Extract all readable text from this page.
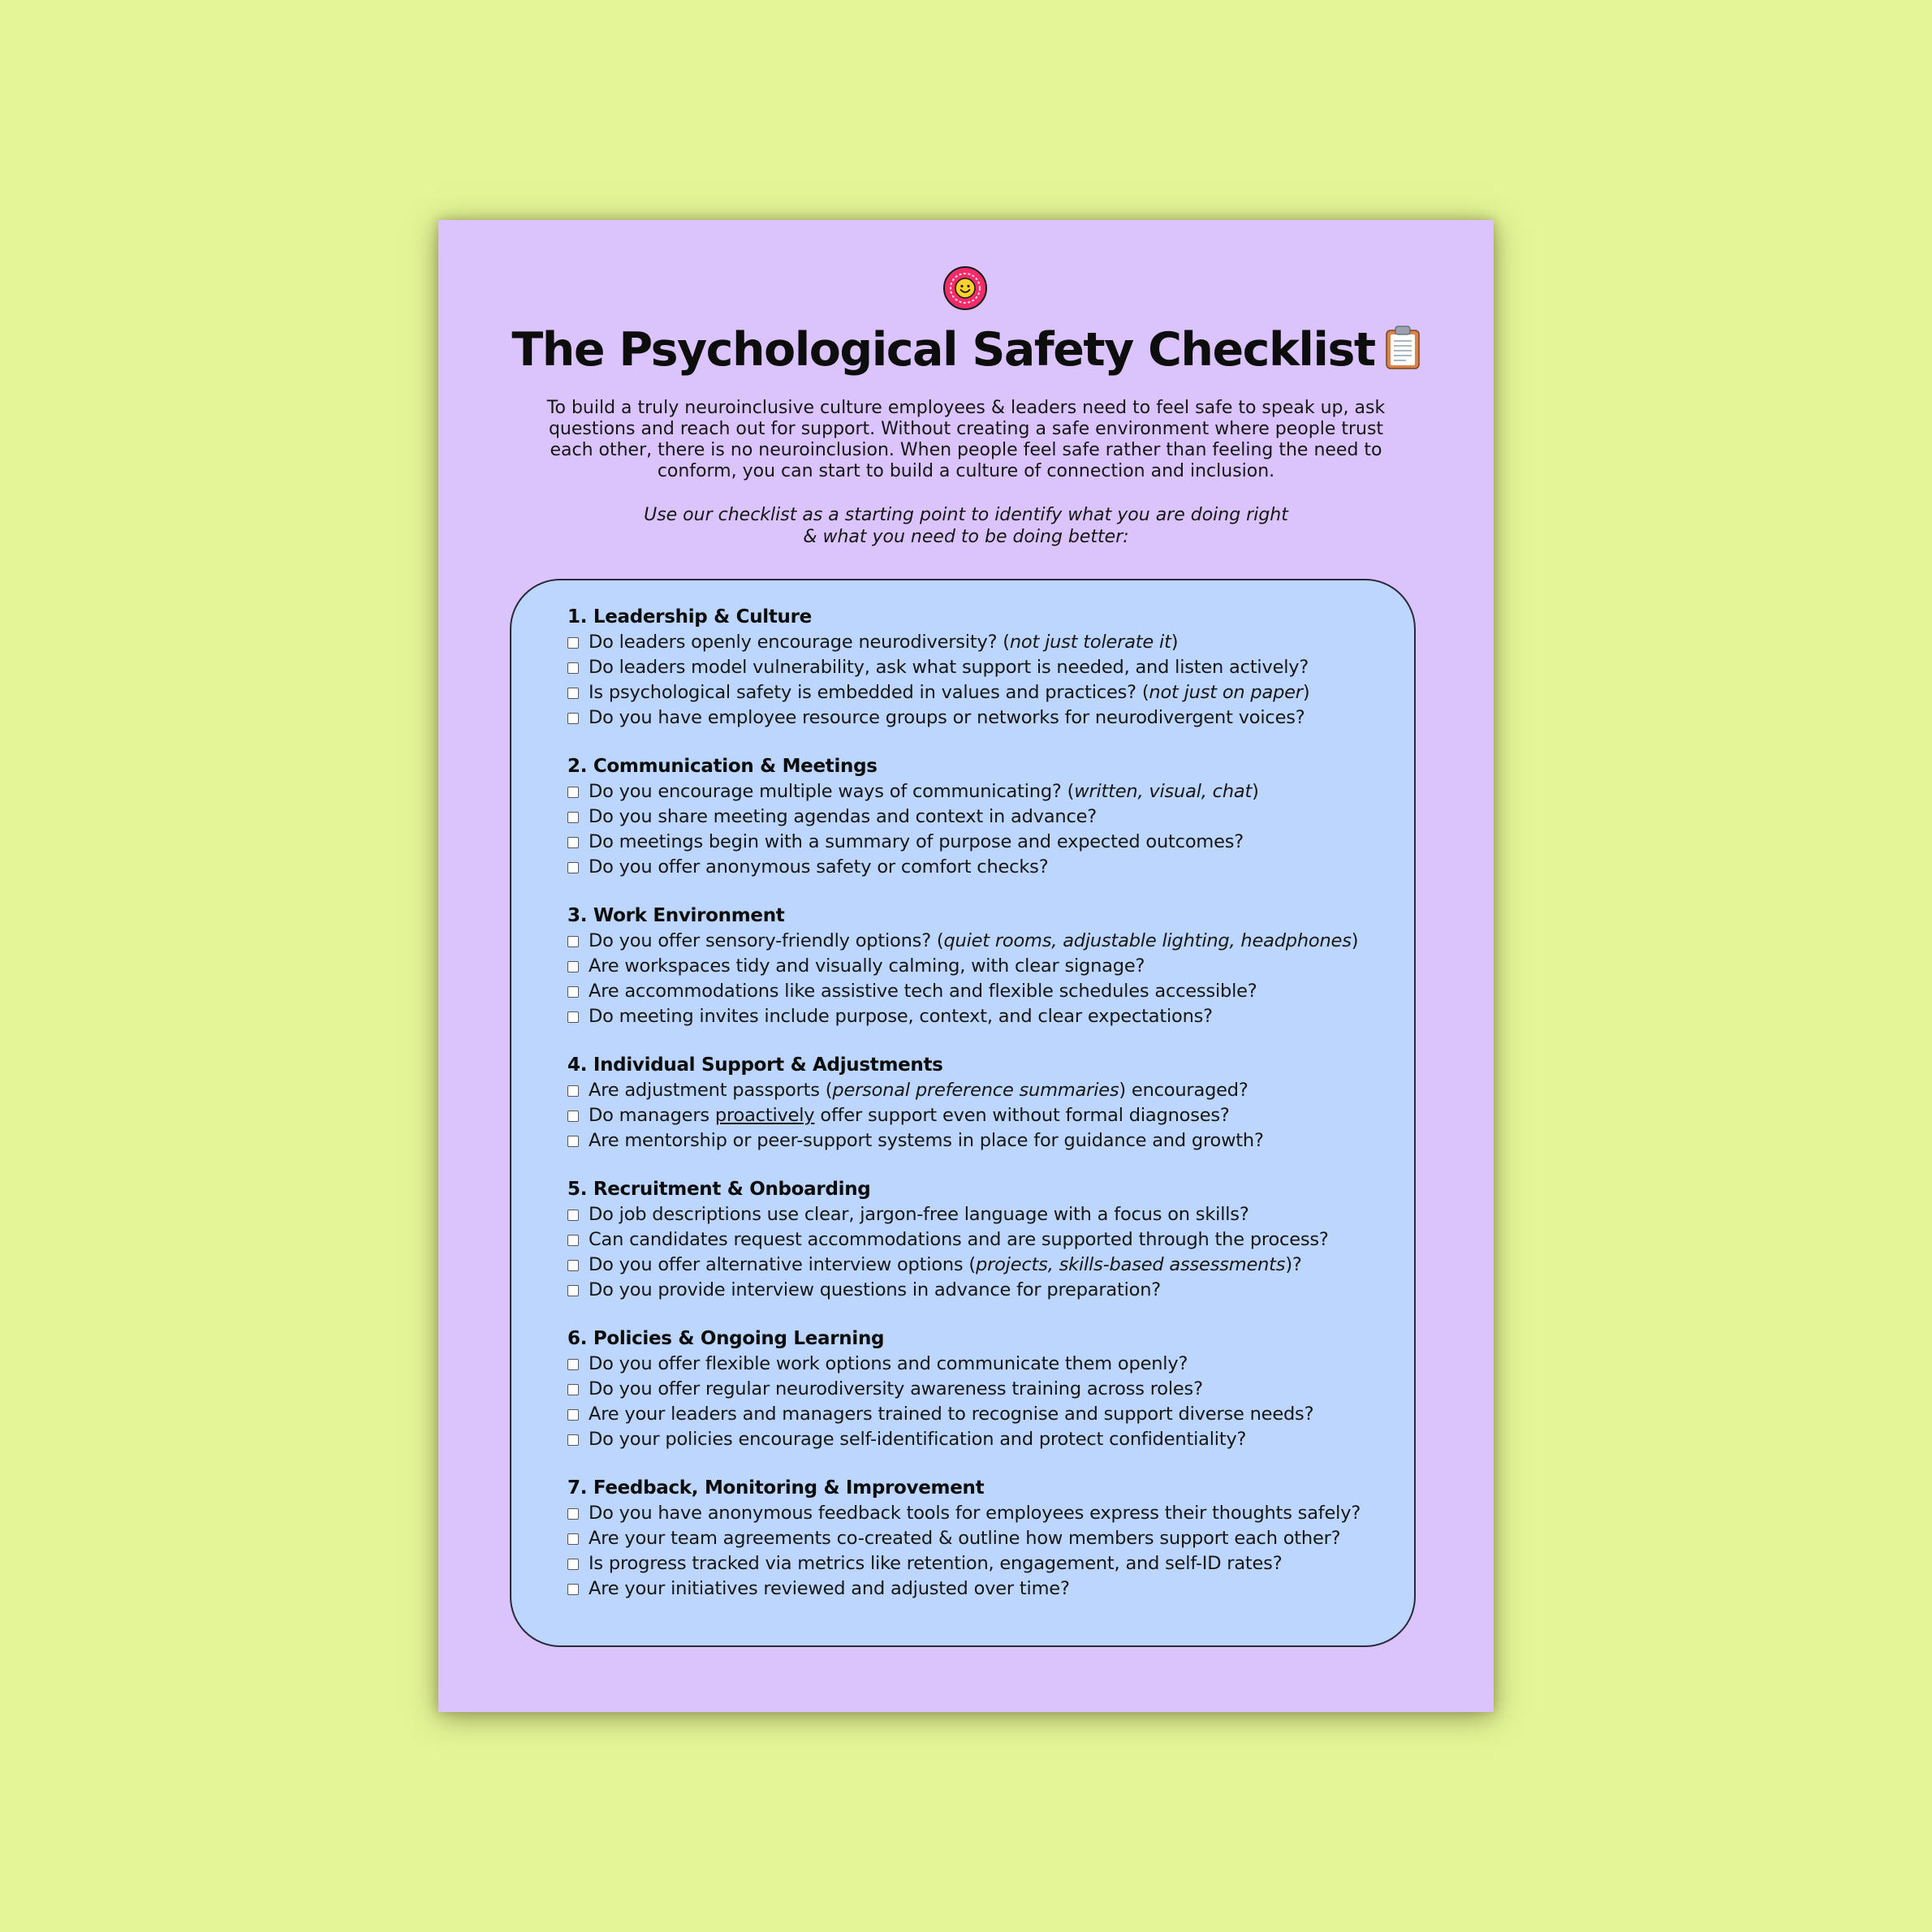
The Psychological Safety Checklist
To build a truly neuroinclusive culture employees & leaders need to feel safe to speak up, ask questions and reach out for support. Without creating a safe environment where people trust each other, there is no neuroinclusion. When people feel safe rather than feeling the need to conform, you can start to build a culture of connection and inclusion.
Use our checklist as a starting point to identify what you are doing right
& what you need to be doing better:
1. Leadership & Culture
Do leaders openly encourage neurodiversity? (not just tolerate it)
Do leaders model vulnerability, ask what support is needed, and listen actively?
Is psychological safety is embedded in values and practices? (not just on paper)
Do you have employee resource groups or networks for neurodivergent voices?
2. Communication & Meetings
Do you encourage multiple ways of communicating? (written, visual, chat)
Do you share meeting agendas and context in advance?
Do meetings begin with a summary of purpose and expected outcomes?
Do you offer anonymous safety or comfort checks?
3. Work Environment
Do you offer sensory-friendly options? (quiet rooms, adjustable lighting, headphones)
Are workspaces tidy and visually calming, with clear signage?
Are accommodations like assistive tech and flexible schedules accessible?
Do meeting invites include purpose, context, and clear expectations?
4. Individual Support & Adjustments
Are adjustment passports (personal preference summaries) encouraged?
Do managers proactively offer support even without formal diagnoses?
Are mentorship or peer-support systems in place for guidance and growth?
5. Recruitment & Onboarding
Do job descriptions use clear, jargon-free language with a focus on skills?
Can candidates request accommodations and are supported through the process?
Do you offer alternative interview options (projects, skills-based assessments)?
Do you provide interview questions in advance for preparation?
6. Policies & Ongoing Learning
Do you offer flexible work options and communicate them openly?
Do you offer regular neurodiversity awareness training across roles?
Are your leaders and managers trained to recognise and support diverse needs?
Do your policies encourage self-identification and protect confidentiality?
7. Feedback, Monitoring & Improvement
Do you have anonymous feedback tools for employees express their thoughts safely?
Are your team agreements co-created & outline how members support each other?
Is progress tracked via metrics like retention, engagement, and self-ID rates?
Are your initiatives reviewed and adjusted over time?
